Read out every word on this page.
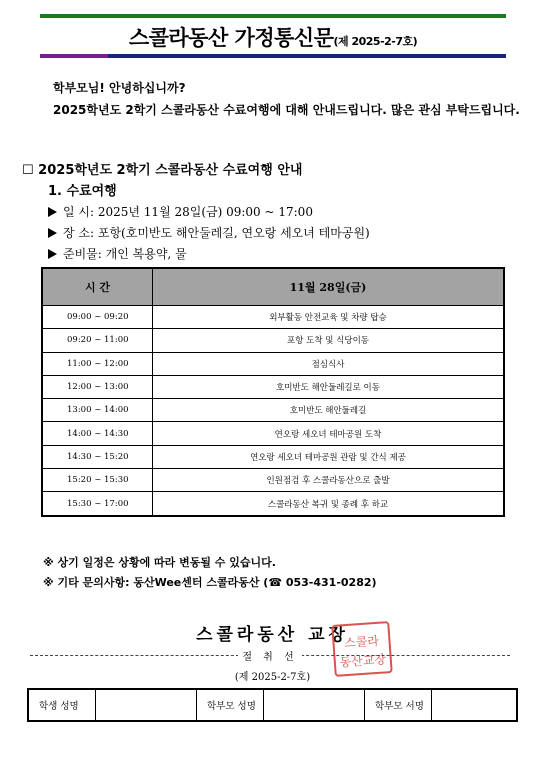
스콜라동산 가정통신문(제 2025-2-7호)
학부모님! 안녕하십니까?
2025학년도 2학기 스콜라동산 수료여행에 대해 안내드립니다. 많은 관심 부탁드립니다.
☐ 2025학년도 2학기 스콜라동산 수료여행 안내
1. 수료여행
일 시: 2025년 11월 28일(금) 09:00 ~ 17:00
장 소: 포항(호미반도 해안둘레길, 연오랑 세오녀 테마공원)
준비물: 개인 복용약, 물
시 간	11월 28일(금)
09:00 ~ 09:20	외부활동 안전교육 및 차량 탑승
09:20 ~ 11:00	포항 도착 및 식당이동
11:00 ~ 12:00	점심식사
12:00 ~ 13:00	호미반도 해안둘레길로 이동
13:00 ~ 14:00	호미반도 해안둘레길
14:00 ~ 14:30	연오랑 세오녀 테마공원 도착
14:30 ~ 15:20	연오랑 세오녀 테마공원 관람 및 간식 제공
15:20 ~ 15:30	인원점검 후 스콜라동산으로 출발
15:30 ~ 17:00	스콜라동산 복귀 및 종례 후 하교
※ 상기 일정은 상황에 따라 변동될 수 있습니다.
※ 기타 문의사항: 동산Wee센터 스콜라동산 (☎ 053-431-0282)
스콜라동산 교장
스콜라
동산교장
절 취 선
(제 2025-2-7호)
학생 성명		학부모 성명		학부모 서명	
